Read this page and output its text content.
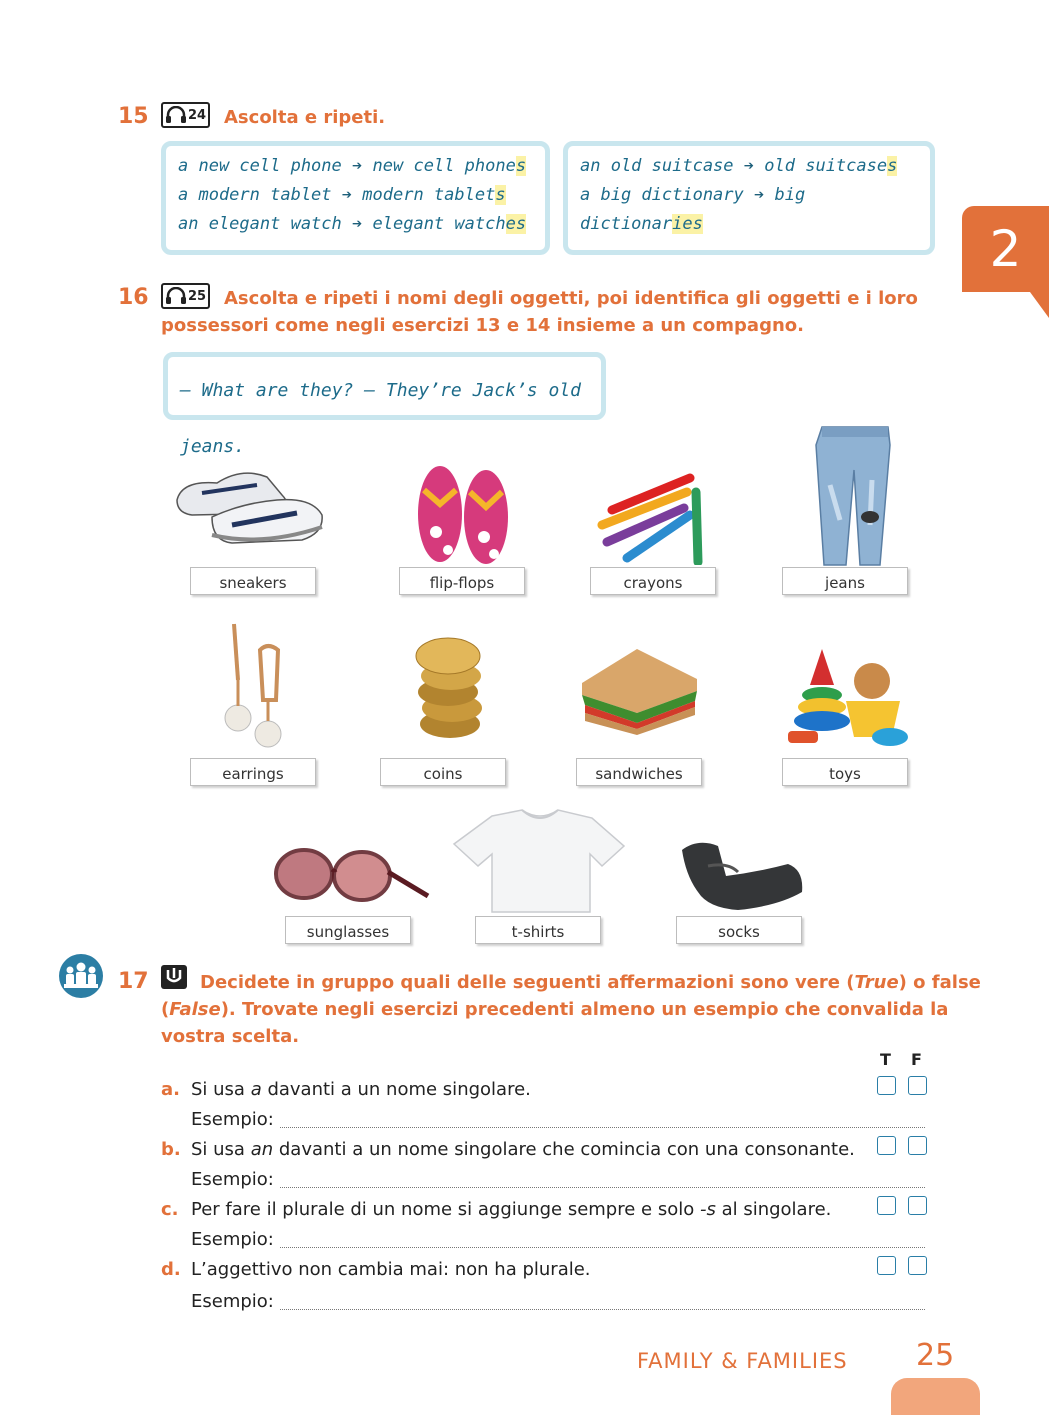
15	24 Ascolta e ripeti.
a new cell phone ➔ new cell phones
a modern tablet ➔ modern tablets
an elegant watch ➔ elegant watches
an old suitcase ➔ old suitcases
a big dictionary ➔ big dictionaries	2
16	25 Ascolta e ripeti i nomi degli oggetti, poi identifica gli oggetti e i loro
possessori come negli esercizi 13 e 14 insieme a un compagno.
– What are they? – They’re Jack’s old jeans.
sneakers	flip-flops	crayons	jeans
earrings	coins	sandwiches	toys
sunglasses	t-shirts	socks
17	Decidete in gruppo quali delle seguenti affermazioni sono vere (True) o false
(False). Trovate negli esercizi precedenti almeno un esempio che convalida la
vostra scelta.
T F
a. Si usa a davanti a un nome singolare.
Esempio:
b. Si usa an davanti a un nome singolare che comincia con una consonante.
Esempio:
c. Per fare il plurale di un nome si aggiunge sempre e solo -s al singolare.
Esempio:
d. L’aggettivo non cambia mai: non ha plurale.
Esempio:
FAMILY & FAMILIES 25
